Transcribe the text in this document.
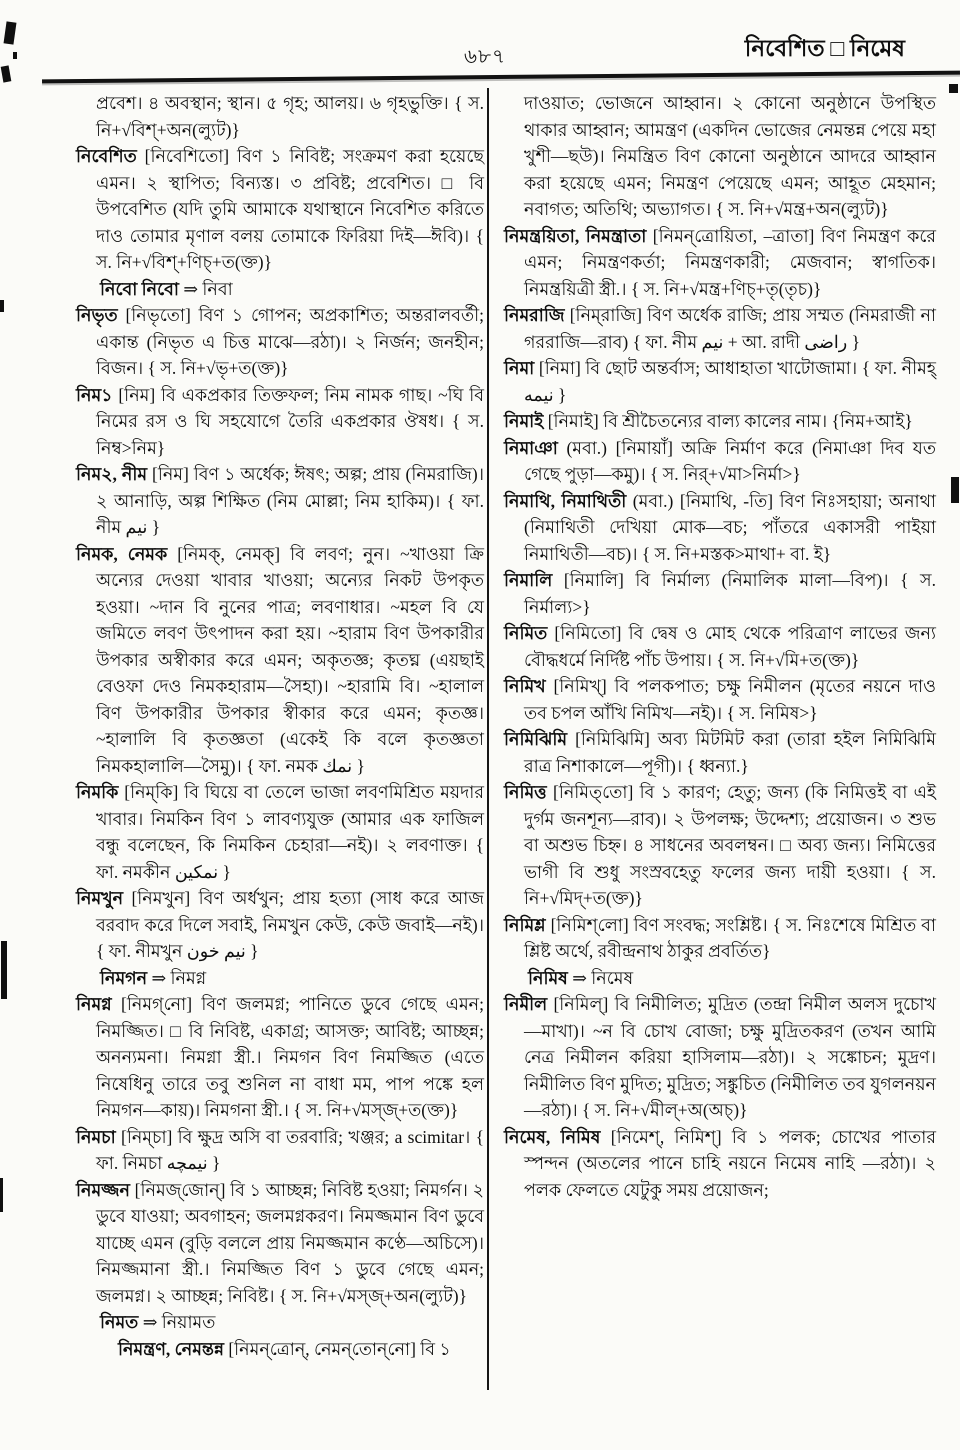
৬৮৭	নিবেশিত □ নিমেষ

প্রবেশ। ৪ অবস্থান; স্থান। ৫ গৃহ; আলয়। ৬ গৃহভুক্তি। { স. নি+√বিশ্‌+অন(ল্যুট)}

নিবেশিত [নিবেশিতো] বিণ ১ নিবিষ্ট; সংক্রমণ করা হয়েছে এমন। ২ স্থাপিত; বিন্যস্ত। ৩ প্রবিষ্ট; প্রবেশিত। □ বি উপবেশিত (যদি তুমি আমাকে যথাস্থানে নিবেশিত করিতে দাও তোমার মৃণাল বলয় তোমাকে ফিরিয়া দিই—ঈবি)। { স. নি+√বিশ্‌+ণিচ্‌+ত(ক্ত)}

নিবো নিবো ⇒ নিবা

নিভৃত [নিভৃতো] বিণ ১ গোপন; অপ্রকাশিত; অন্তরালবর্তী; একান্ত (নিভৃত এ চিত্ত মাঝে—রঠা)। ২ নির্জন; জনহীন; বিজন। { স. নি+√ভৃ+ত(ক্ত)}

নিম১ [নিম] বি একপ্রকার তিক্তফল; নিম নামক গাছ। ~ঘি বি নিমের রস ও ঘি সহযোগে তৈরি একপ্রকার ঔষধ। { স. নিম্ব>নিম}

নিম২, নীম [নিম] বিণ ১ অর্ধেক; ঈষৎ; অল্প; প্রায় (নিমরাজি)। ২ আনাড়ি, অল্প শিক্ষিত (নিম মোল্লা; নিম হাকিম)। { ফা. নীম نيم }

নিমক, নেমক [নিমক্‌, নেমক্‌] বি লবণ; নুন। ~খাওয়া ক্রি অন্যের দেওয়া খাবার খাওয়া; অন্যের নিকট উপকৃত হওয়া। ~দান বি নুনের পাত্র; লবণাধার। ~মহল বি যে জমিতে লবণ উৎপাদন করা হয়। ~হারাম বিণ উপকারীর উপকার অস্বীকার করে এমন; অকৃতজ্ঞ; কৃতঘ্ন (এয়ছাই বেওফা দেও নিমকহারাম—সৈহা)। ~হারামি বি। ~হালাল বিণ উপকারীর উপকার স্বীকার করে এমন; কৃতজ্ঞ। ~হালালি বি কৃতজ্ঞতা (একেই কি বলে কৃতজ্ঞতা নিমকহালালি—সৈমু)। { ফা. নমক نمك }

নিমকি [নিম্‌কি] বি ঘিয়ে বা তেলে ভাজা লবণমিশ্রিত ময়দার খাবার। নিমকিন বিণ ১ লাবণ্যযুক্ত (আমার এক ফাজিল বন্ধু বলেছেন, কি নিমকিন চেহারা—নই)। ২ লবণাক্ত। { ফা. নমকীন نمكين }

নিমখুন [নিমখুন] বিণ অর্ধখুন; প্রায় হত্যা (সাধ করে আজ বরবাদ করে দিলে সবাই, নিমখুন কেউ, কেউ জবাই—নই)। { ফা. নীমখুন نيم خون }

নিমগন ⇒ নিমগ্ন

নিমগ্ন [নিমগ্‌নো] বিণ জলমগ্ন; পানিতে ডুবে গেছে এমন; নিমজ্জিত। □ বি নিবিষ্ট, একাগ্র; আসক্ত; আবিষ্ট; আচ্ছন্ন; অনন্যমনা। নিমগ্না স্ত্রী.। নিমগন বিণ নিমজ্জিত (এতে নিষেধিনু তারে তবু শুনিল না বাধা মম, পাপ পঙ্কে হল নিমগন—কায়)। নিমগনা স্ত্রী.। { স. নি+√মস্‌জ্‌+ত(ক্ত)}

নিমচা [নিম্‌চা] বি ক্ষুদ্র অসি বা তরবারি; খঞ্জর; a scimitar। { ফা. নিমচা نيمچه }

নিমজ্জন [নিমজ্‌জোন্‌] বি ১ আচ্ছন্ন; নিবিষ্ট হওয়া; নিমর্গন। ২ ডুবে যাওয়া; অবগাহন; জলমগ্নকরণ। নিমজ্জমান বিণ ডুবে যাচ্ছে এমন (বুড়ি বললে প্রায় নিমজ্জমান কণ্ঠে—অচিসে)। নিমজ্জমানা স্ত্রী.। নিমজ্জিত বিণ ১ ডুবে গেছে এমন; জলমগ্ন। ২ আচ্ছন্ন; নিবিষ্ট। { স. নি+√মস্‌জ্‌+অন(ল্যুট)}

নিমত ⇒ নিয়ামত

নিমন্ত্রণ, নেমন্তন্ন [নিমন্‌ত্রোন্‌, নেমন্‌তোন্‌নো] বি ১

দাওয়াত; ভোজনে আহ্বান। ২ কোনো অনুষ্ঠানে উপস্থিত থাকার আহ্বান; আমন্ত্রণ (একদিন ভোজের নেমন্তন্ন পেয়ে মহা খুশী—ছউ)। নিমন্ত্রিত বিণ কোনো অনুষ্ঠানে আদরে আহ্বান করা হয়েছে এমন; নিমন্ত্রণ পেয়েছে এমন; আহূত মেহমান; নবাগত; অতিথি; অভ্যাগত। { স. নি+√মন্ত্র+অন(ল্যুট)}

নিমন্ত্রয়িতা, নিমন্ত্রাতা [নিমন্‌ত্রোয়িতা, –ত্রাতা] বিণ নিমন্ত্রণ করে এমন; নিমন্ত্রণকর্তা; নিমন্ত্রণকারী; মেজবান; স্বাগতিক। নিমন্ত্রয়িত্রী স্ত্রী.। { স. নি+√মন্ত্র+ণিচ্‌+তৃ(তৃচ)}

নিমরাজি [নিম্‌রাজি] বিণ অর্ধেক রাজি; প্রায় সম্মত (নিমরাজী না গররাজি—রাব) { ফা. নীম نيم + আ. রাদী راضى }

নিমা [নিমা] বি ছোট অন্তর্বাস; আধাহাতা খাটোজামা। { ফা. নীমহ্‌ نيمه }

নিমাই [নিমাই] বি শ্রীচৈতন্যের বাল্য কালের নাম। {নিম+আই}

নিমাঞা (মবা.) [নিমায়াঁ] অক্রি নির্মাণ করে (নিমাঞা দিব যত গেছে পুড়া—কমু)। { স. নির্‌+√মা>নির্মা>}

নিমাথি, নিমাথিতী (মবা.) [নিমাথি, -তি] বিণ নিঃসহায়া; অনাথা (নিমাথিতী দেখিয়া মোক—বচ; পাঁতরে একাসরী পাইয়া নিমাথিতী—বচ)। { স. নি+মস্তক>মাথা+ বা. ই}

নিমালি [নিমালি] বি নির্মাল্য (নিমালিক মালা—বিপ)। { স. নির্মাল্য>}

নিমিত [নিমিতো] বি দ্বেষ ও মোহ থেকে পরিত্রাণ লাভের জন্য বৌদ্ধধর্মে নির্দিষ্ট পাঁচ উপায়। { স. নি+√মি+ত(ক্ত)}

নিমিখ [নিমিখ্‌] বি পলকপাত; চক্ষু নিমীলন (মৃতের নয়নে দাও তব চপল আঁখি নিমিখ—নই)। { স. নিমিষ>}

নিমিঝিমি [নিমিঝিমি] অব্য মিটমিট করা (তারা হইল নিমিঝিমি রাত্র নিশাকালে—পূগী)। { ধ্বন্যা.}

নিমিত্ত [নিমিত্‌তো] বি ১ কারণ; হেতু; জন্য (কি নিমিত্তই বা এই দুর্গম জনশূন্য—রাব)। ২ উপলক্ষ; উদ্দেশ্য; প্রয়োজন। ৩ শুভ বা অশুভ চিহ্ন। ৪ সাধনের অবলম্বন। □ অব্য জন্য। নিমিত্তের ভাগী বি শুধু সংস্রবহেতু ফলের জন্য দায়ী হওয়া। { স. নি+√মিদ্‌+ত(ক্ত)}

নিমিশ্ল [নিমিশ্‌লো] বিণ সংবদ্ধ; সংশ্লিষ্ট। { স. নিঃশেষে মিশ্রিত বা শ্লিষ্ট অর্থে, রবীন্দ্রনাথ ঠাকুর প্রবর্তিত}

নিমিষ ⇒ নিমেষ

নিমীল [নিমিল্‌] বি নিমীলিত; মুদ্রিত (তন্দ্রা নিমীল অলস দুচোখ—মাখা)। ~ন বি চোখ বোজা; চক্ষু মুদ্রিতকরণ (তখন আমি নেত্র নিমীলন করিয়া হাসিলাম—রঠা)। ২ সঙ্কোচন; মুদ্রণ। নিমীলিত বিণ মুদিত; মুদ্রিত; সঙ্কুচিত (নিমীলিত তব যুগলনয়ন—রঠা)। { স. নি+√মীল্‌+অ(অচ্‌)}

নিমেষ, নিমিষ [নিমেশ্‌, নিমিশ্‌] বি ১ পলক; চোখের পাতার স্পন্দন (অতলের পানে চাহি নয়নে নিমেষ নাহি —রঠা)। ২ পলক ফেলতে যেটুকু সময় প্রয়োজন;
